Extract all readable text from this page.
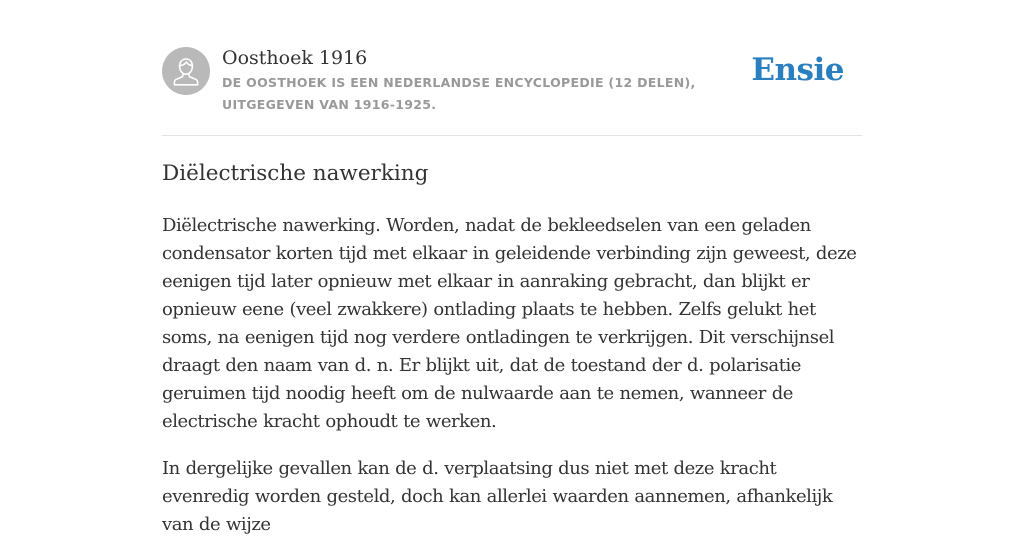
Oosthoek 1916
DE OOSTHOEK IS EEN NEDERLANDSE ENCYCLOPEDIE (12 DELEN), UITGEGEVEN VAN 1916-1925.
Ensie
Diëlectrische nawerking

Diëlectrische nawerking. Worden, nadat de bekleedselen van een geladen condensator korten tijd met elkaar in geleidende verbinding zijn geweest, deze eenigen tijd later opnieuw met elkaar in aanraking gebracht, dan blijkt er opnieuw eene (veel zwakkere) ontlading plaats te hebben. Zelfs gelukt het soms, na eenigen tijd nog verdere ontladingen te verkrijgen. Dit verschijnsel draagt den naam van d. n. Er blijkt uit, dat de toestand der d. polarisatie geruimen tijd noodig heeft om de nulwaarde aan te nemen, wanneer de electrische kracht ophoudt te werken.

In dergelijke gevallen kan de d. verplaatsing dus niet met deze kracht evenredig worden gesteld, doch kan allerlei waarden aannemen, afhankelijk van de wijze
